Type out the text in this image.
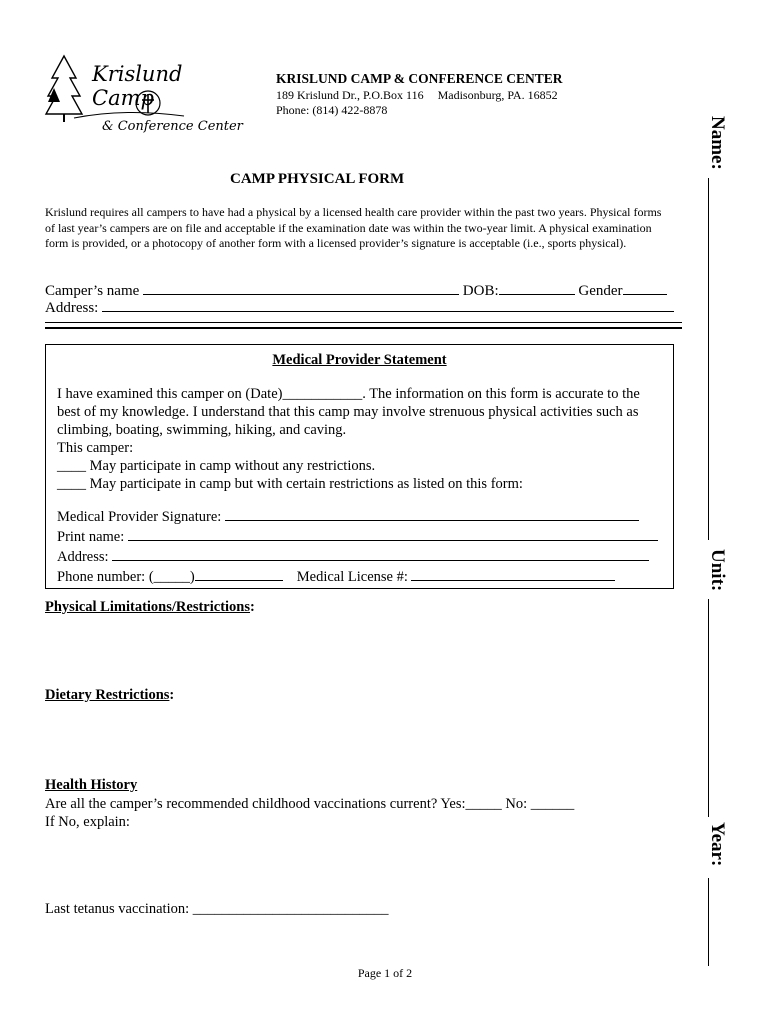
Krislund Camp
& Conference Center
KRISLUND CAMP & CONFERENCE CENTER
189 Krislund Dr., P.O.Box 116 Madisonburg, PA. 16852
Phone: (814) 422-8878
CAMP PHYSICAL FORM
Krislund requires all campers to have had a physical by a licensed health care provider within the past two years. Physical forms of last year’s campers are on file and acceptable if the examination date was within the two-year limit. A physical examination form is provided, or a photocopy of another form with a licensed provider’s signature is acceptable (i.e., sports physical).
Camper’s name	DOB:	Gender
Address:
Medical Provider Statement
I have examined this camper on (Date)___________. The information on this form is accurate to the
best of my knowledge. I understand that this camp may involve strenuous physical activities such as
climbing, boating, swimming, hiking, and caving.
This camper:
____ May participate in camp without any restrictions.
____ May participate in camp but with certain restrictions as listed on this form:
Medical Provider Signature:
Print name:
Address:
Phone number: (_____)	Medical License #:
Physical Limitations/Restrictions:
Dietary Restrictions:
Health History
Are all the camper’s recommended childhood vaccinations current? Yes:_____ No: ______
If No, explain:
Last tetanus vaccination: ___________________________
Page 1 of 2
Name:
Unit:
Year:
